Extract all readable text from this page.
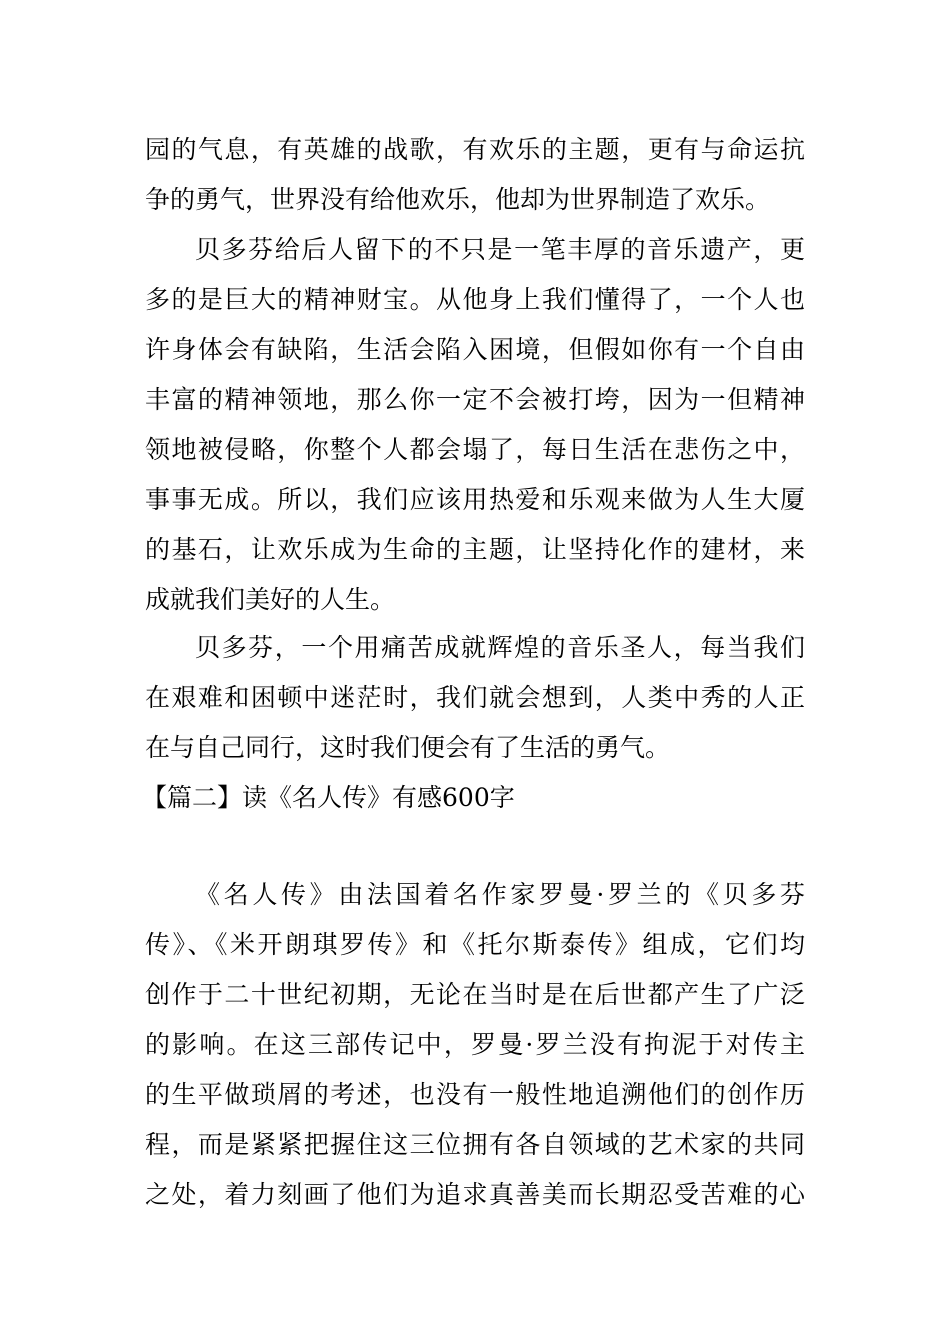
园的气息，有英雄的战歌，有欢乐的主题，更有与命运抗
争的勇气，世界没有给他欢乐，他却为世界制造了欢乐。
贝多芬给后人留下的不只是一笔丰厚的音乐遗产，更
多的是巨大的精神财宝。从他身上我们懂得了，一个人也
许身体会有缺陷，生活会陷入困境，但假如你有一个自由
丰富的精神领地，那么你一定不会被打垮，因为一但精神
领地被侵略，你整个人都会塌了，每日生活在悲伤之中，
事事无成。所以，我们应该用热爱和乐观来做为人生大厦
的基石，让欢乐成为生命的主题，让坚持化作的建材，来
成就我们美好的人生。
贝多芬，一个用痛苦成就辉煌的音乐圣人，每当我们
在艰难和困顿中迷茫时，我们就会想到，人类中秀的人正
在与自己同行，这时我们便会有了生活的勇气。
【篇二】读《名人传》有感600字
《名人传》由法国着名作家罗曼·罗兰的《贝多芬
传》、《米开朗琪罗传》和《托尔斯泰传》组成，它们均
创作于二十世纪初期，无论在当时是在后世都产生了广泛
的影响。在这三部传记中，罗曼·罗兰没有拘泥于对传主
的生平做琐屑的考述，也没有一般性地追溯他们的创作历
程，而是紧紧把握住这三位拥有各自领域的艺术家的共同
之处，着力刻画了他们为追求真善美而长期忍受苦难的心
